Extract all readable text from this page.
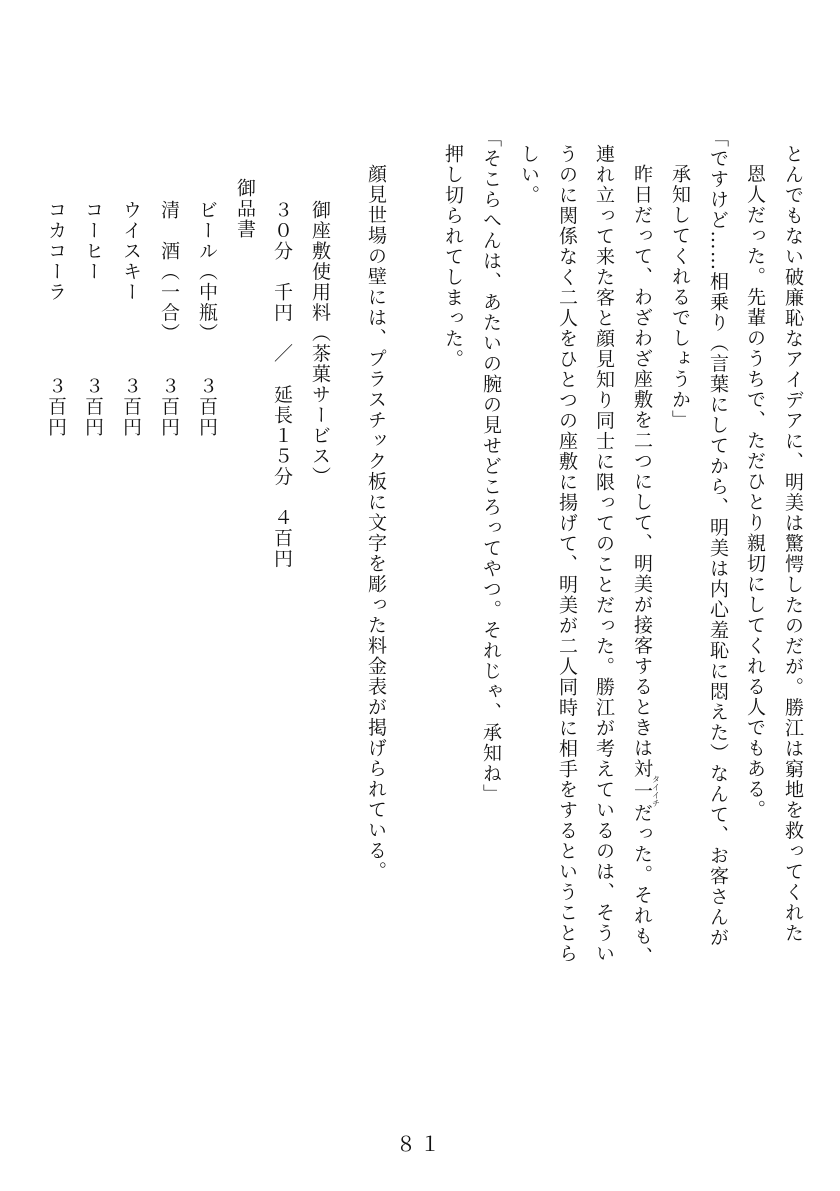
とんでもない破廉恥なアイデアに、明美は驚愕したのだが。勝江は窮地を救ってくれた
恩人だった。先輩のうちで、ただひとり親切にしてくれる人でもある。
「ですけど……相乗り（言葉にしてから、明美は内心羞恥に悶えた）なんて、お客さんが
承知してくれるでしょうか」
昨日だって、わざわざ座敷を二つにして、明美が接客するときは対一タイイチだった。それも、
連れ立って来た客と顔見知り同士に限ってのことだった。勝江が考えているのは、そうい
うのに関係なく二人をひとつの座敷に揚げて、明美が二人同時に相手をするということら
しい。
「そこらへんは、あたいの腕の見せどころってやつ。それじゃ、承知ね」
押し切られてしまった。
顔見世場の壁には、プラスチック板に文字を彫った料金表が掲げられている。
御座敷使用料（茶菓サービス）
３０分　千円　／　延長１５分　４百円
御品書
ビール（中瓶）
３百円
清　酒（一合）
３百円
ウイスキー
３百円
コーヒー
３百円
コカコーラ
３百円
８１
